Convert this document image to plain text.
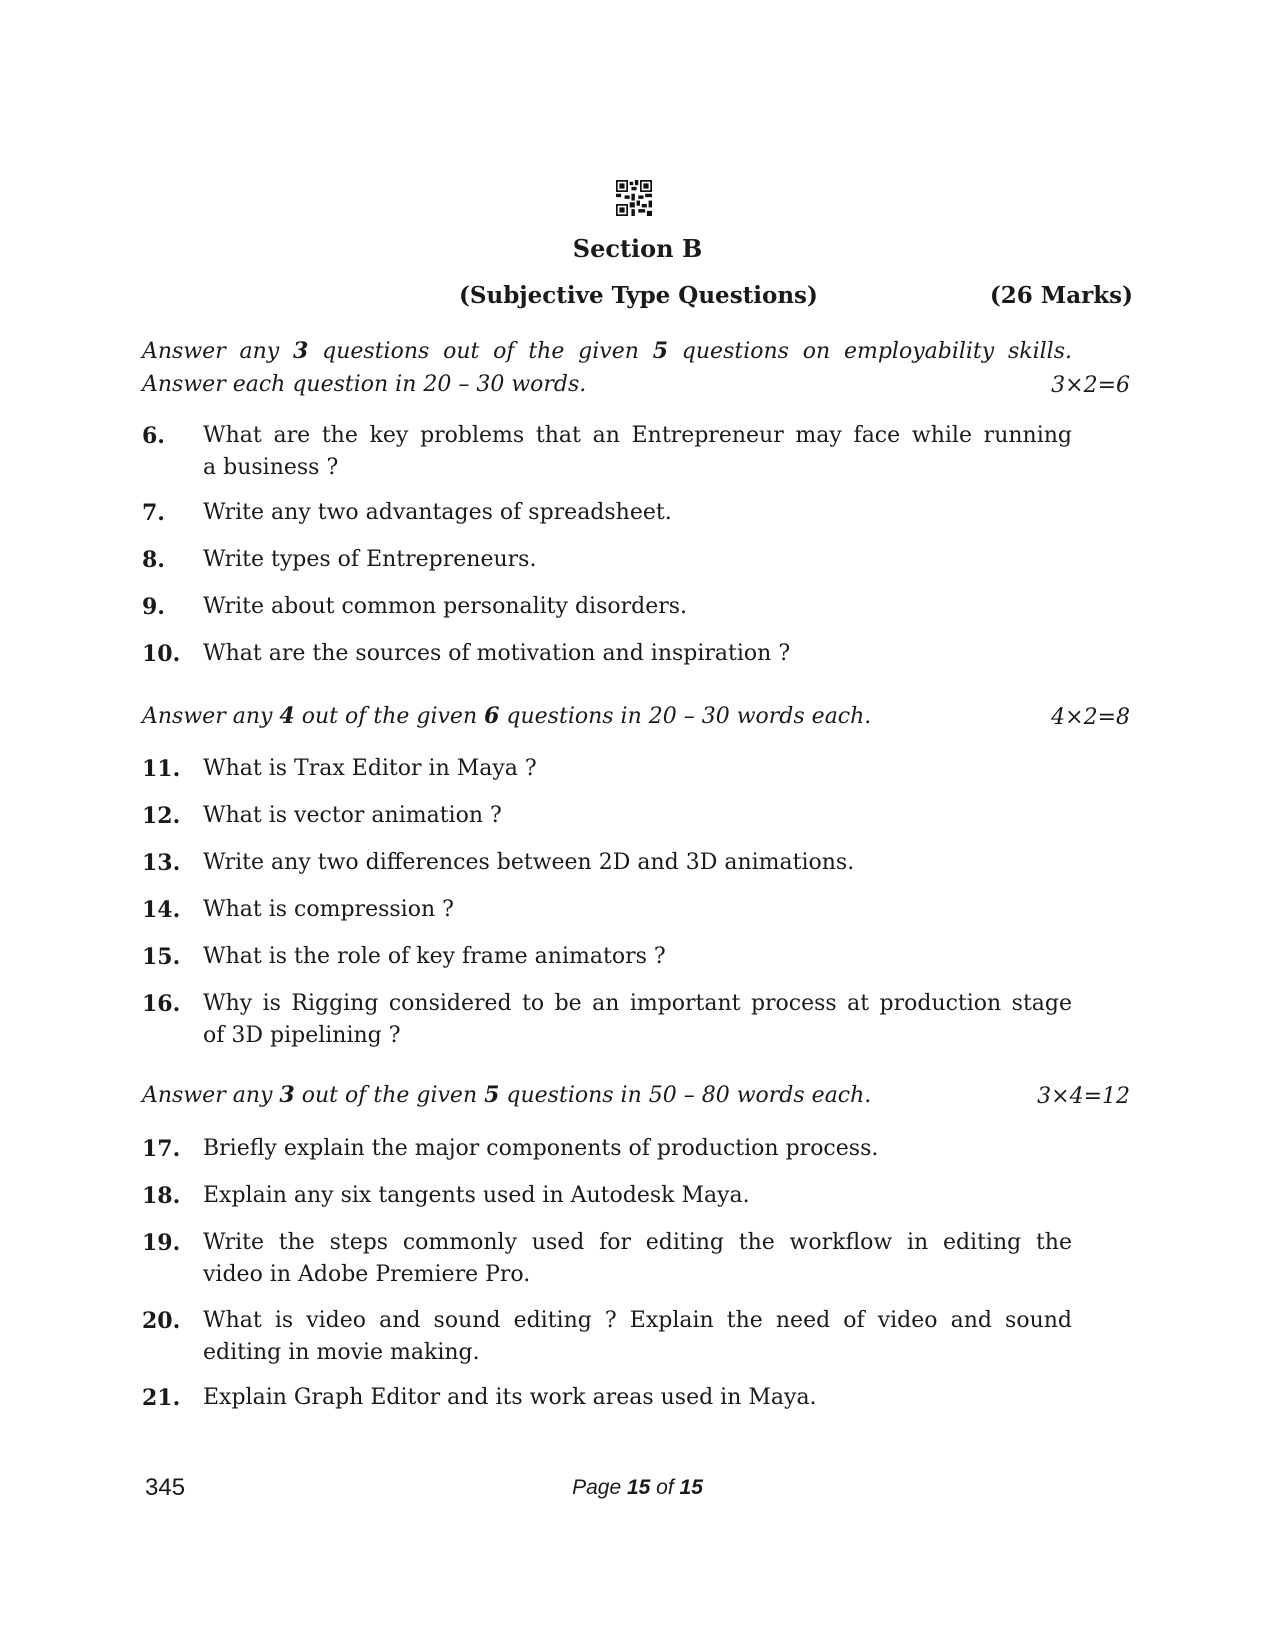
Section B
(Subjective Type Questions)	(26 Marks)
Answer any 3 questions out of the given 5 questions on employability skills.
Answer each question in 20 – 30 words.	3×2=6
6. What are the key problems that an Entrepreneur may face while running
a business ?
7. Write any two advantages of spreadsheet.
8. Write types of Entrepreneurs.
9. Write about common personality disorders.
10. What are the sources of motivation and inspiration ?
Answer any 4 out of the given 6 questions in 20 – 30 words each.	4×2=8
11. What is Trax Editor in Maya ?
12. What is vector animation ?
13. Write any two differences between 2D and 3D animations.
14. What is compression ?
15. What is the role of key frame animators ?
16. Why is Rigging considered to be an important process at production stage
of 3D pipelining ?
Answer any 3 out of the given 5 questions in 50 – 80 words each.	3×4=12
17. Briefly explain the major components of production process.
18. Explain any six tangents used in Autodesk Maya.
19. Write the steps commonly used for editing the workflow in editing the
video in Adobe Premiere Pro.
20. What is video and sound editing ? Explain the need of video and sound
editing in movie making.
21. Explain Graph Editor and its work areas used in Maya.
345	Page 15 of 15
